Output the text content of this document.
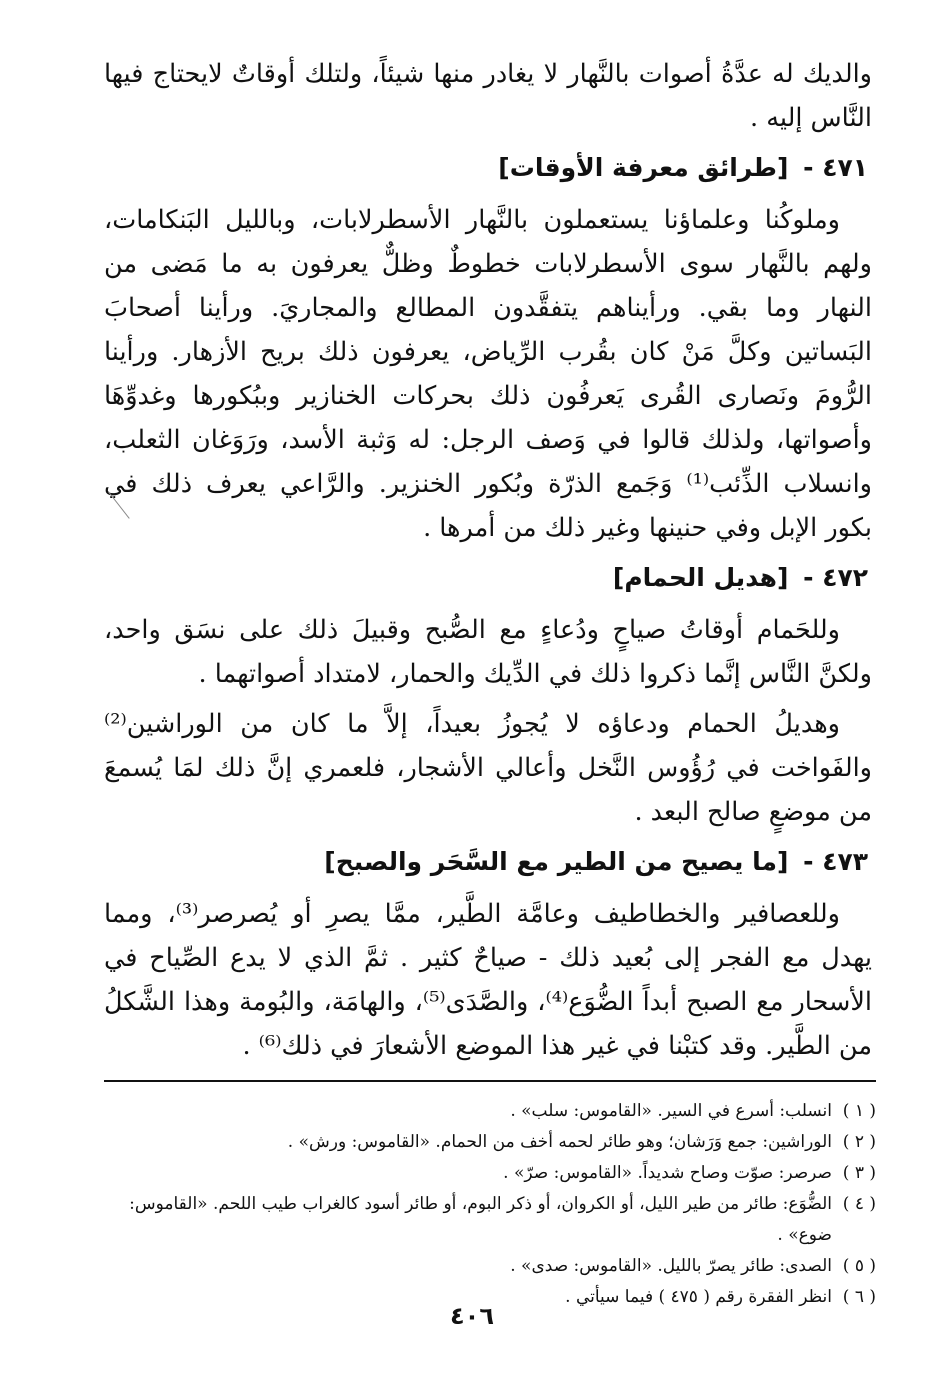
والديك له عدَّةُ أصوات بالنَّهار لا يغادر منها شيئاً، ولتلك أوقاتٌ لايحتاج فيها النَّاس إليه .

٤٧١ - [طرائق معرفة الأوقات]

وملوكُنا وعلماؤنا يستعملون بالنَّهار الأسطرلابات، وبالليل البَنكامات، ولهم بالنَّهار سوى الأسطرلابات خطوطٌ وظلٌّ يعرفون به ما مَضى من النهار وما بقي. ورأيناهم يتفقَّدون المطالع والمجاريَ. ورأينا أصحابَ البَساتين وكلَّ مَنْ كان بقُرب الرِّياض، يعرفون ذلك بريح الأزهار. ورأينا الرُّومَ ونَصارى القُرى يَعرفُون ذلك بحركات الخنازير وببُكورها وغدوِّهَا وأصواتها، ولذلك قالوا في وَصف الرجل: له وَثبة الأسد، ورَوَغان الثعلب، وانسلاب الذِّئب⁽¹⁾ وَجَمع الذرّة وبُكور الخنزير. والرَّاعي يعرف ذلك في بكور الإبل وفي حنينها وغير ذلك من أمرها .

٤٧٢ - [هديل الحمام]

وللحَمام أوقاتُ صياحٍ ودُعاءٍ مع الصُّبح وقبيلَ ذلك على نسَق واحد، ولكنَّ النَّاس إنَّما ذكروا ذلك في الدِّيك والحمار، لامتداد أصواتهما .

وهديلُ الحمام ودعاؤه لا يُجوزُ بعيداً، إلاَّ ما كان من الوراشين⁽²⁾ والفَواخت في رُؤُوس النَّخل وأعالي الأشجار، فلعمري إنَّ ذلك لمَا يُسمعَ من موضعٍ صالح البعد .

٤٧٣ - [ما يصيح من الطير مع السَّحَر والصبح]

وللعصافير والخطاطيف وعامَّة الطَّير، ممَّا يصرِ أو يُصرصر⁽³⁾، ومما يهدل مع الفجر إلى بُعيد ذلك - صياحٌ كثير . ثمَّ الذي لا يدع الصِّياح في الأسحار مع الصبح أبداً الضُّوَع⁽⁴⁾، والصَّدَى⁽⁵⁾، والهامَة، والبُومة وهذا الشَّكلُ من الطَّير. وقد كتبْنا في غير هذا الموضع الأشعارَ في ذلك⁽⁶⁾ .

( ١ )
انسلب: أسرع في السير. «القاموس: سلب» .
( ٢ )
الوراشين: جمع وَرَشان؛ وهو طائر لحمه أخف من الحمام. «القاموس: ورش» .
( ٣ )
صرصر: صوّت وصاح شديداً. «القاموس: صرّ» .
( ٤ )
الضُّوَع: طائر من طير الليل، أو الكروان، أو ذكر البوم، أو طائر أسود كالغراب طيب اللحم. «القاموس: ضوع» .
( ٥ )
الصدى: طائر يصرّ بالليل. «القاموس: صدى» .
( ٦ )
انظر الفقرة رقم ( ٤٧٥ ) فيما سيأتي .
٤٠٦
